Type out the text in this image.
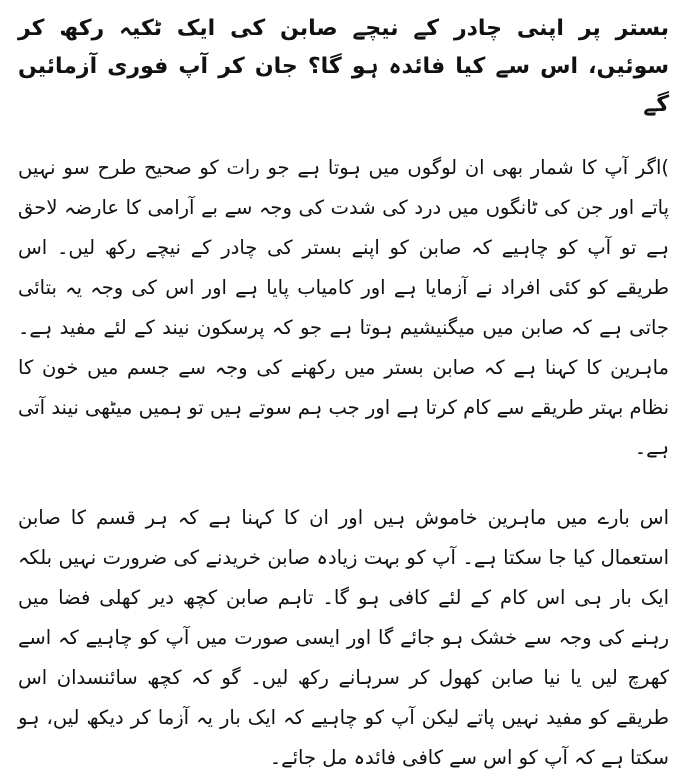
بستر پر اپنی چادر کے نیچے صابن کی ایک ٹکیہ رکھ کر سوئیں، اس سے کیا فائدہ ہو گا؟ جان کر آپ فوری آزمائیں گے

)اگر آپ کا شمار بھی ان لوگوں میں ہوتا ہے جو رات کو صحیح طرح سو نہیں پاتے اور جن کی ٹانگوں میں درد کی شدت کی وجہ سے بے آرامی کا عارضہ لاحق ہے تو آپ کو چاہیے کہ صابن کو اپنے بستر کی چادر کے نیچے رکھ لیں۔ اس طریقے کو کئی افراد نے آزمایا ہے اور کامیاب پایا ہے اور اس کی وجہ یہ بتائی جاتی ہے کہ صابن میں میگنیشیم ہوتا ہے جو کہ پرسکون نیند کے لئے مفید ہے۔ ماہرین کا کہنا ہے کہ صابن بستر میں رکھنے کی وجہ سے جسم میں خون کا نظام بہتر طریقے سے کام کرتا ہے اور جب ہم سوتے ہیں تو ہمیں میٹھی نیند آتی ہے۔

اس بارے میں ماہرین خاموش ہیں اور ان کا کہنا ہے کہ ہر قسم کا صابن استعمال کیا جا سکتا ہے۔ آپ کو بہت زیادہ صابن خریدنے کی ضرورت نہیں بلکہ ایک بار ہی اس کام کے لئے کافی ہو گا۔ تاہم صابن کچھ دیر کھلی فضا میں رہنے کی وجہ سے خشک ہو جائے گا اور ایسی صورت میں آپ کو چاہیے کہ اسے کھرچ لیں یا نیا صابن کھول کر سرہانے رکھ لیں۔ گو کہ کچھ سائنسدان اس طریقے کو مفید نہیں پاتے لیکن آپ کو چاہیے کہ ایک بار یہ آزما کر دیکھ لیں، ہو سکتا ہے کہ آپ کو اس سے کافی فائدہ مل جائے۔
